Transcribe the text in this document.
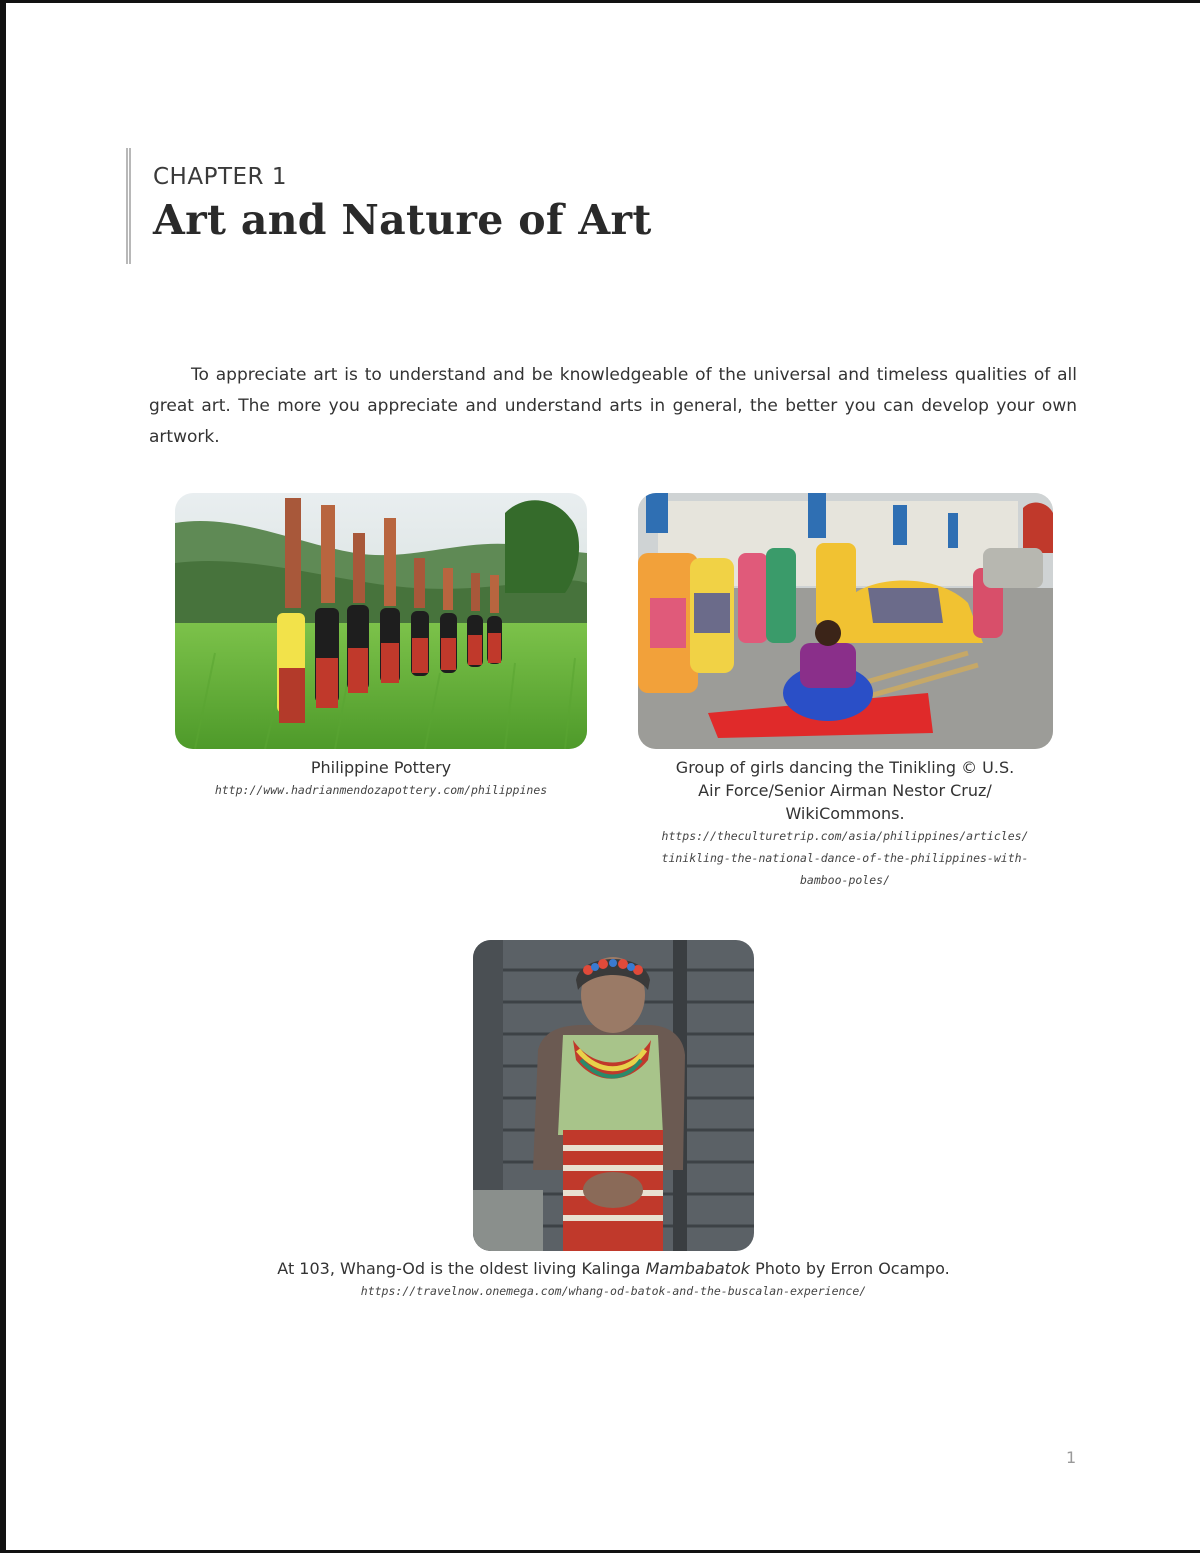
CHAPTER 1
Art and Nature of Art

To appreciate art is to understand and be knowledgeable of the universal and timeless qualities of all great art. The more you appreciate and understand arts in general, the better you can develop your own artwork.

Philippine Pottery
http://www.hadrianmendozapottery.com/philippines
Group of girls dancing the Tinikling © U.S.
Air Force/Senior Airman Nestor Cruz/
WikiCommons.
https://theculturetrip.com/asia/philippines/articles/
tinikling-the-national-dance-of-the-philippines-with-
bamboo-poles/
At 103, Whang-Od is the oldest living Kalinga Mambabatok Photo by Erron Ocampo.
https://travelnow.onemega.com/whang-od-batok-and-the-buscalan-experience/
1
